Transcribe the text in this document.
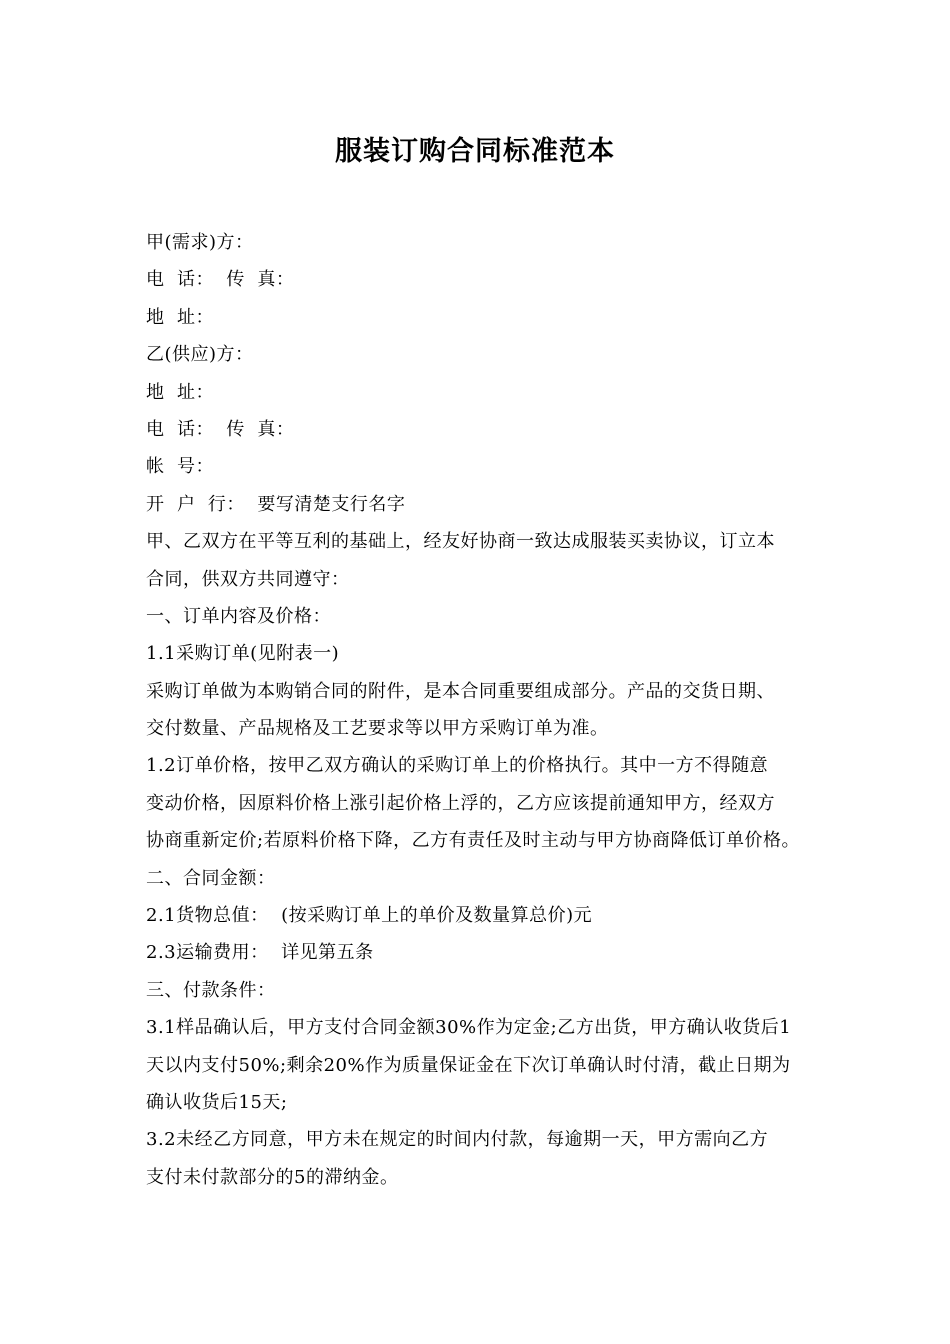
服装订购合同标准范本
甲(需求)方：
电  话：  传  真：
地  址：
乙(供应)方：
地  址：
电  话：  传  真：
帐  号：
开  户  行：  要写清楚支行名字
甲、乙双方在平等互利的基础上，经友好协商一致达成服装买卖协议，订立本
合同，供双方共同遵守：
一、订单内容及价格：
1.1采购订单(见附表一)
采购订单做为本购销合同的附件，是本合同重要组成部分。产品的交货日期、
交付数量、产品规格及工艺要求等以甲方采购订单为准。
1.2订单价格，按甲乙双方确认的采购订单上的价格执行。其中一方不得随意
变动价格，因原料价格上涨引起价格上浮的，乙方应该提前通知甲方，经双方
协商重新定价;若原料价格下降，乙方有责任及时主动与甲方协商降低订单价格。
二、合同金额：
2.1货物总值：  (按采购订单上的单价及数量算总价)元
2.3运输费用：  详见第五条
三、付款条件：
3.1样品确认后，甲方支付合同金额30%作为定金;乙方出货，甲方确认收货后1
天以内支付50%;剩余20%作为质量保证金在下次订单确认时付清，截止日期为
确认收货后15天;
3.2未经乙方同意，甲方未在规定的时间内付款，每逾期一天，甲方需向乙方
支付未付款部分的5的滞纳金。
